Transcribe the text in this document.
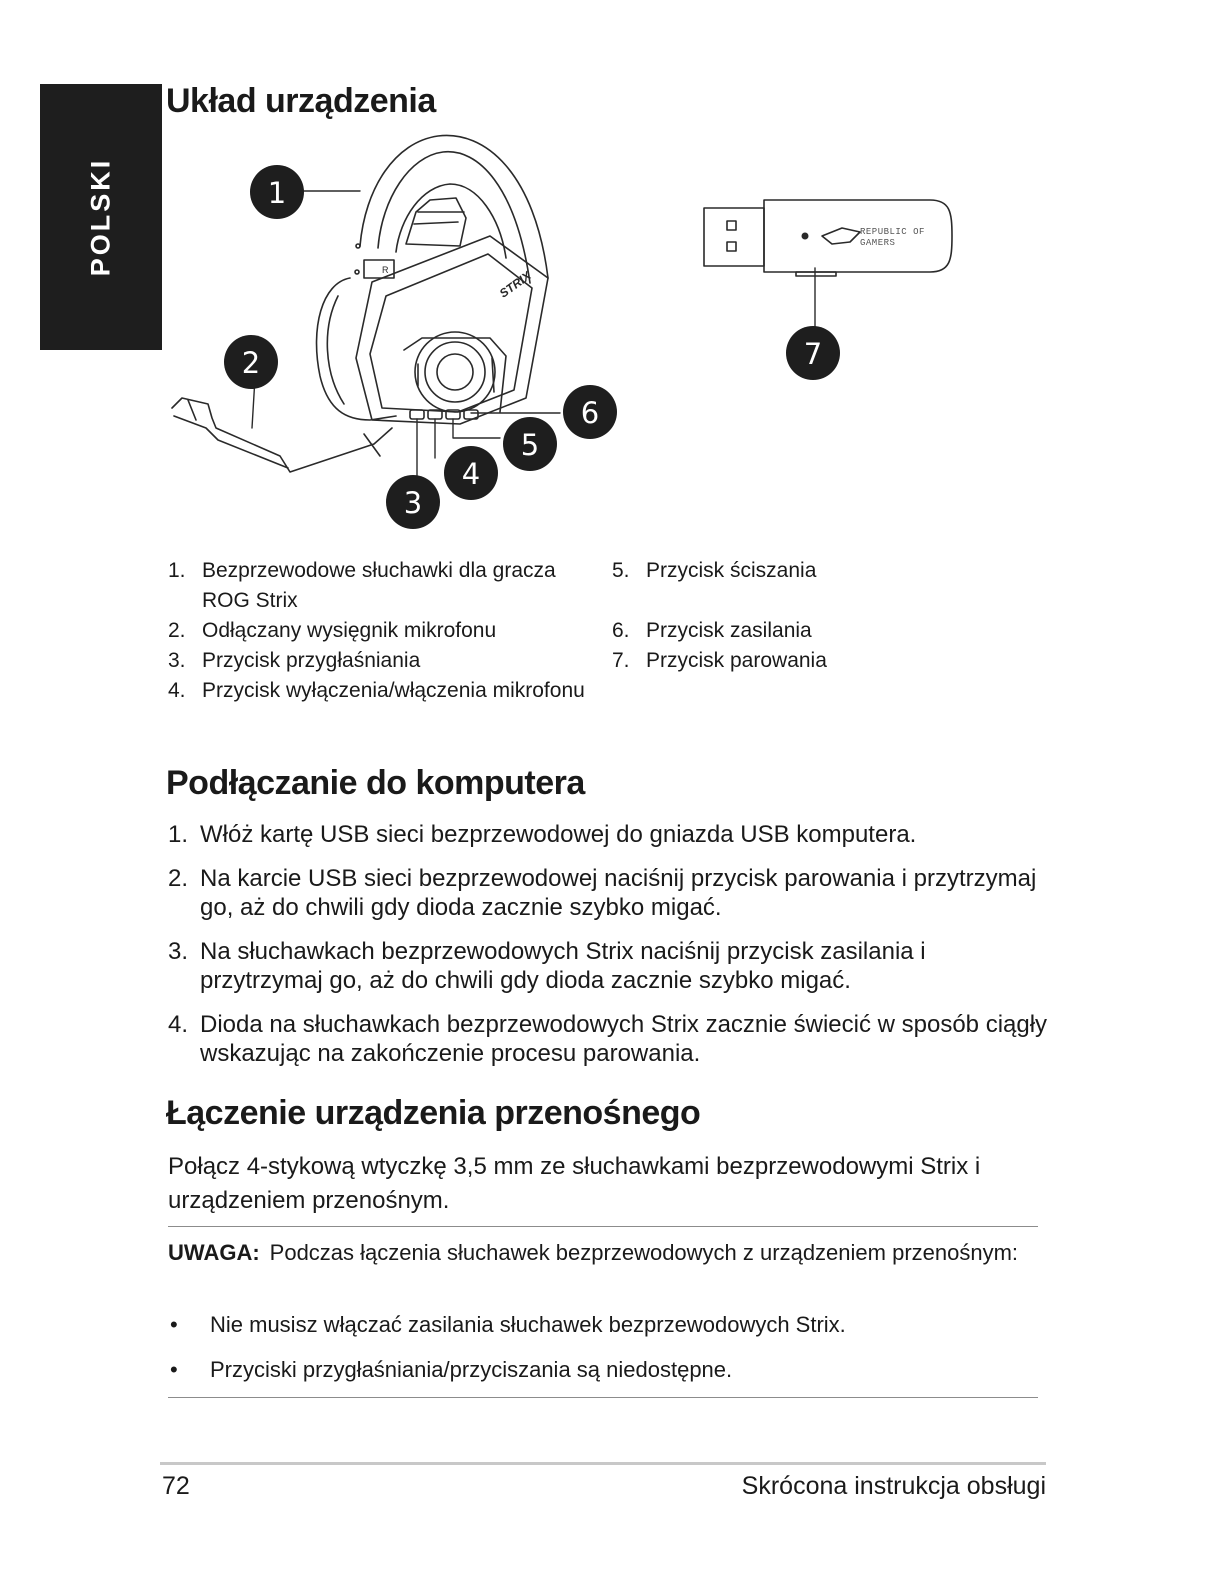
POLSKI
Układ urządzenia
R	STRIX
REPUBLIC OF
GAMERS
1
2
3
4
5
6
7
1. Bezprzewodowe słuchawki dla gracza ROG Strix
2. Odłączany wysięgnik mikrofonu
3. Przycisk przygłaśniania
4. Przycisk wyłączenia/włączenia mikrofonu
5. Przycisk ściszania
6. Przycisk zasilania
7. Przycisk parowania
Podłączanie do komputera
1. Włóż kartę USB sieci bezprzewodowej do gniazda USB komputera.
2. Na karcie USB sieci bezprzewodowej naciśnij przycisk parowania i przytrzymaj go, aż do chwili gdy dioda zacznie szybko migać.
3. Na słuchawkach bezprzewodowych Strix naciśnij przycisk zasilania i przytrzymaj go, aż do chwili gdy dioda zacznie szybko migać.
4. Dioda na słuchawkach bezprzewodowych Strix zacznie świecić w sposób ciągły wskazując na zakończenie procesu parowania.
Łączenie urządzenia przenośnego

Połącz 4-stykową wtyczkę 3,5 mm ze słuchawkami bezprzewodowymi Strix i urządzeniem przenośnym.

UWAGA: Podczas łączenia słuchawek bezprzewodowych z urządzeniem przenośnym:

• Nie musisz włączać zasilania słuchawek bezprzewodowych Strix.
• Przyciski przygłaśniania/przyciszania są niedostępne.
72	Skrócona instrukcja obsługi
